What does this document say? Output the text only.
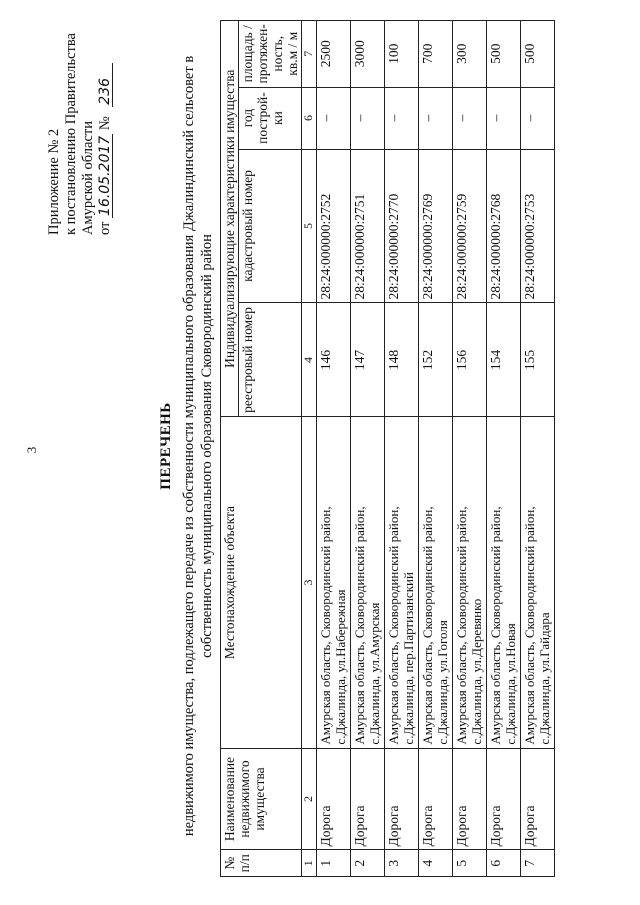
3
Приложение № 2 к постановлению Правительства Амурской области от 16.05.2017 № 236
ПЕРЕЧЕНЬ недвижимого имущества, подлежащего передаче из собственности муниципального образования Джалиндинский сельсовет в собственность муниципального образования Сковородинский район
№ п/п	Наименование недвижимого имущества	Местонахождение объекта	Индивидуализирующие характеристики имущества			
			реестровый номер	кадастровый номер	год построй-ки	площадь / протяжен-ность, кв.м / м
1	2	3	4	5	6	7
1	Дорога	Амурская область, Сковородинский район, с.Джалинда, ул.Набережная	146	28:24:000000:2752	–	2500
2	Дорога	Амурская область, Сковородинский район, с.Джалинда, ул.Амурская	147	28:24:000000:2751	–	3000
3	Дорога	Амурская область, Сковородинский район, с.Джалинда, пер.Партизанский	148	28:24:000000:2770	–	100
4	Дорога	Амурская область, Сковородинский район, с.Джалинда, ул.Гоголя	152	28:24:000000:2769	–	700
5	Дорога	Амурская область, Сковородинский район, с.Джалинда, ул.Деревянко	156	28:24:000000:2759	–	300
6	Дорога	Амурская область, Сковородинский район, с.Джалинда, ул.Новая	154	28:24:000000:2768	–	500
7	Дорога	Амурская область, Сковородинский район, с.Джалинда, ул.Гайдара	155	28:24:000000:2753	–	500
